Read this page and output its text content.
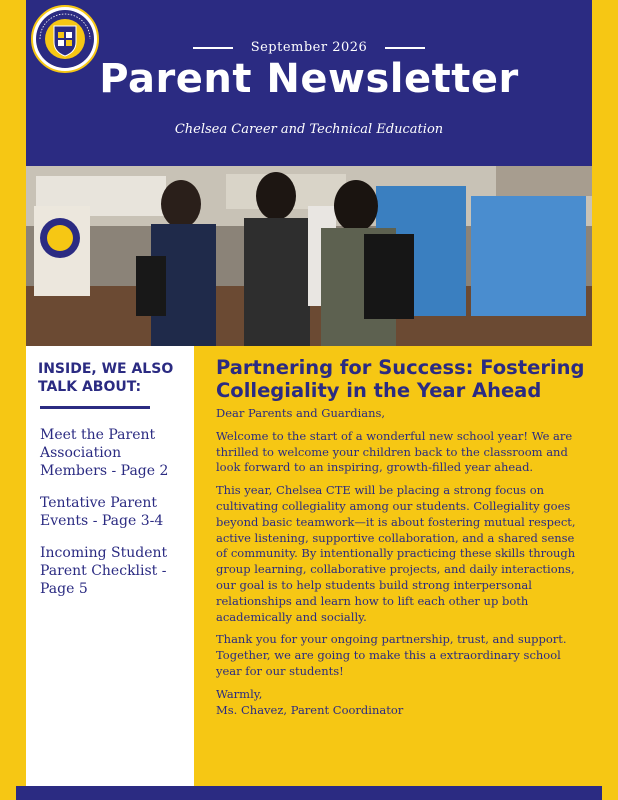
September 2026
Parent Newsletter
Chelsea Career and Technical Education
INSIDE, WE ALSO TALK ABOUT:
Meet the Parent Association Members - Page 2
Tentative Parent Events - Page 3-4
Incoming Student Parent Checklist - Page 5
Partnering for Success: Fostering Collegiality in the Year Ahead

Dear Parents and Guardians,

Welcome to the start of a wonderful new school year! We are thrilled to welcome your children back to the classroom and look forward to an inspiring, growth-filled year ahead.

This year, Chelsea CTE will be placing a strong focus on cultivating collegiality among our students. Collegiality goes beyond basic teamwork—it is about fostering mutual respect, active listening, supportive collaboration, and a shared sense of community. By intentionally practicing these skills through group learning, collaborative projects, and daily interactions, our goal is to help students build strong interpersonal relationships and learn how to lift each other up both academically and socially.

Thank you for your ongoing partnership, trust, and support. Together, we are going to make this a extraordinary school year for our students!

Warmly,

Ms. Chavez, Parent Coordinator
